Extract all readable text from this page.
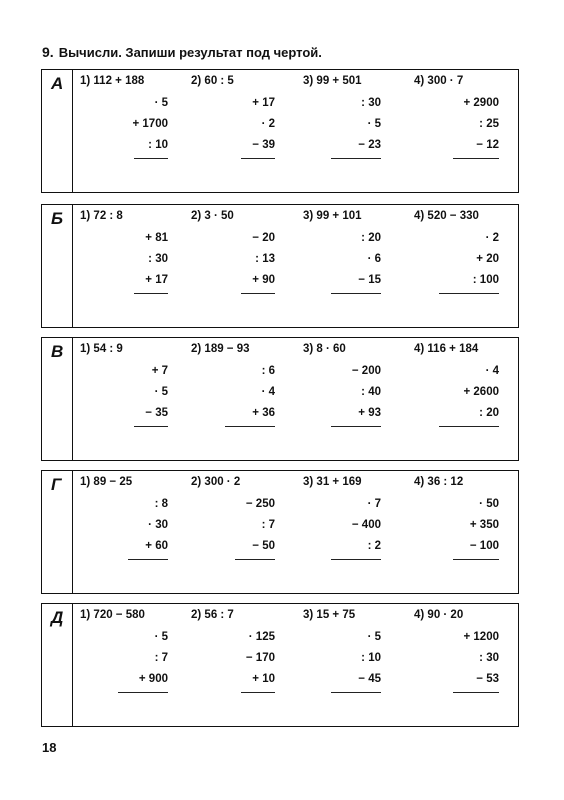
9. Вычисли. Запиши результат под чертой.
А 1) 112 + 188
· 5
+ 1700
: 10
2) 60 : 5
+ 17
· 2
− 39
3) 99 + 501
: 30
· 5
− 23
4) 300 · 7
+ 2900
: 25
− 12
Б 1) 72 : 8
+ 81
: 30
+ 17
2) 3 · 50
− 20
: 13
+ 90
3) 99 + 101
: 20
· 6
− 15
4) 520 − 330
· 2
+ 20
: 100
В 1) 54 : 9
+ 7
· 5
− 35
2) 189 − 93
: 6
· 4
+ 36
3) 8 · 60
− 200
: 40
+ 93
4) 116 + 184
· 4
+ 2600
: 20
Г 1) 89 − 25
: 8
· 30
+ 60
2) 300 · 2
− 250
: 7
− 50
3) 31 + 169
· 7
− 400
: 2
4) 36 : 12
· 50
+ 350
− 100
Д 1) 720 − 580
· 5
: 7
+ 900
2) 56 : 7
· 125
− 170
+ 10
3) 15 + 75
· 5
: 10
− 45
4) 90 · 20
+ 1200
: 30
− 53
18
